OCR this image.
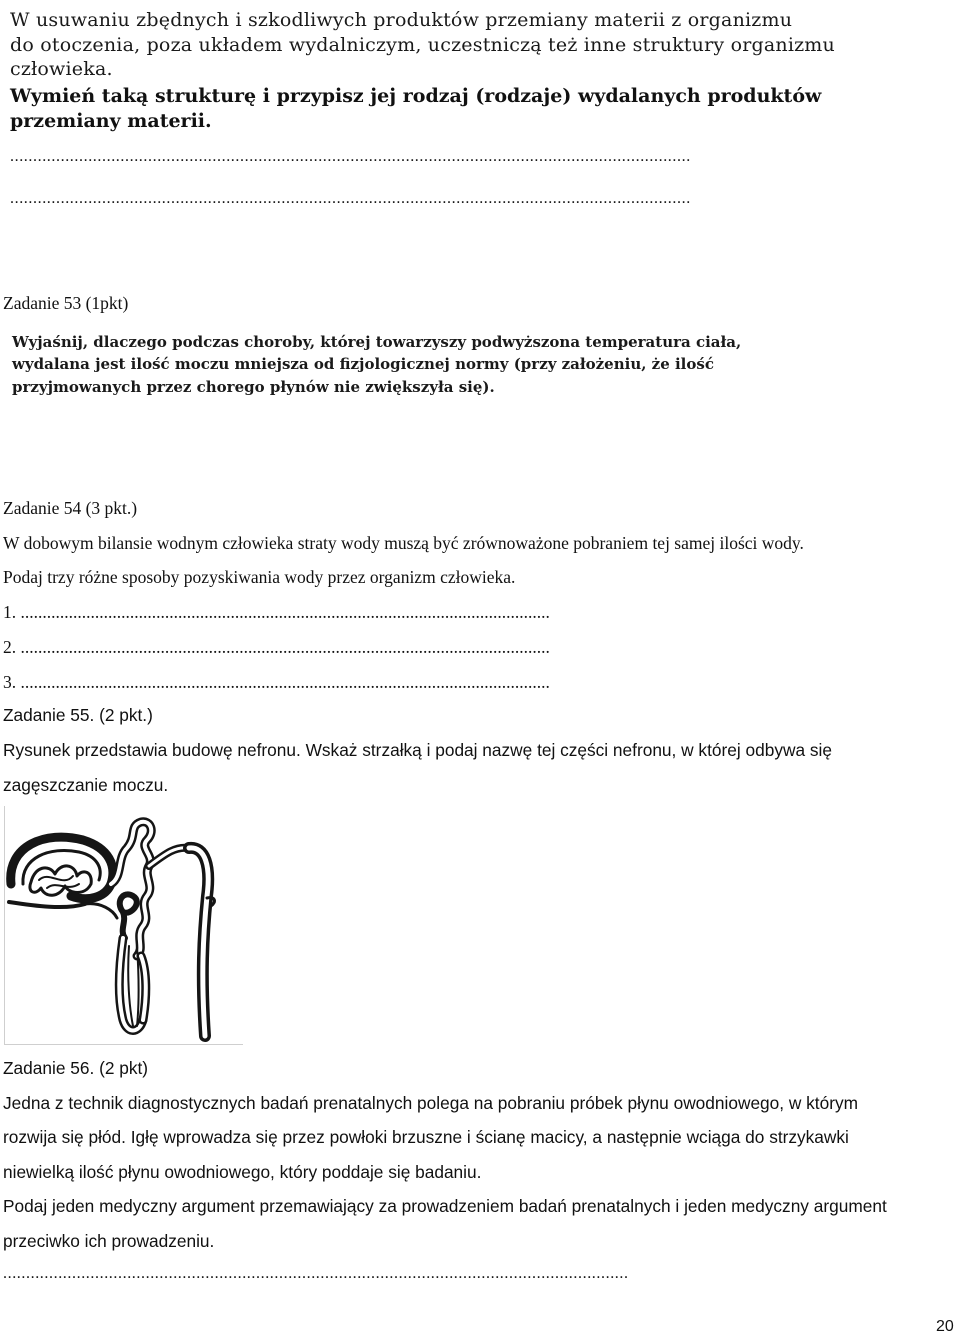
W usuwaniu zbędnych i szkodliwych produktów przemiany materii z organizmu
do otoczenia, poza układem wydalniczym, uczestniczą też inne struktury organizmu
człowieka.
Wymień taką strukturę i przypisz jej rodzaj (rodzaje) wydalanych produktów
przemiany materii.
....................................................................................................................................................
....................................................................................................................................................
Zadanie 53 (1pkt)
Wyjaśnij, dlaczego podczas choroby, której towarzyszy podwyższona temperatura ciała,
wydalana jest ilość moczu mniejsza od fizjologicznej normy (przy założeniu, że ilość
przyjmowanych przez chorego płynów nie zwiększyła się).
Zadanie 54 (3 pkt.)
W dobowym bilansie wodnym człowieka straty wody muszą być zrównoważone pobraniem tej samej ilości wody.
Podaj trzy różne sposoby pozyskiwania wody przez organizm człowieka.
1. .........................................................................................................................
2. .........................................................................................................................
3. .........................................................................................................................
Zadanie 55. (2 pkt.)
Rysunek przedstawia budowę nefronu. Wskaż strzałką i podaj nazwę tej części nefronu, w której odbywa się
zagęszczanie moczu.
Zadanie 56. (2 pkt)
Jedna z technik diagnostycznych badań prenatalnych polega na pobraniu próbek płynu owodniowego, w którym
rozwija się płód. Igłę wprowadza się przez powłoki brzuszne i ścianę macicy, a następnie wciąga do strzykawki
niewielką ilość płynu owodniowego, który poddaje się badaniu.
Podaj jeden medyczny argument przemawiający za prowadzeniem badań prenatalnych i jeden medyczny argument
przeciwko ich prowadzeniu.
........................................................................................................................................
20
